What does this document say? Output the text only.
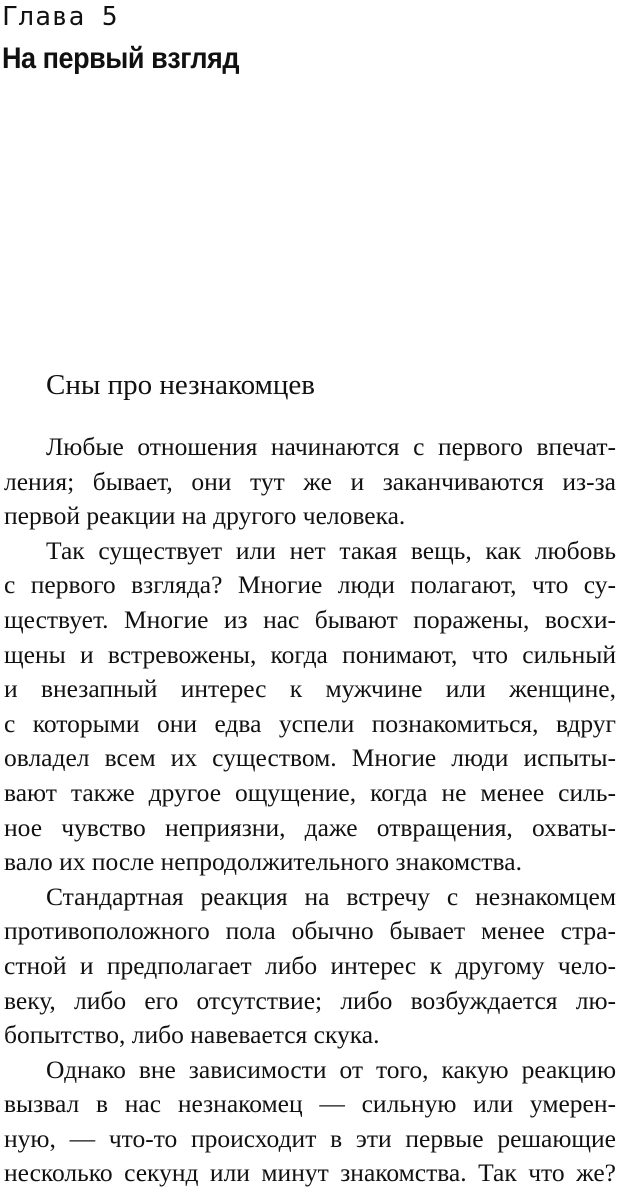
Глава 5
На первый взгляд
Сны про незнакомцев
Любые отношения начинаются с первого впечат-
ления; бывает, они тут же и заканчиваются из-за
первой реакции на другого человека.
Так существует или нет такая вещь, как любовь
с первого взгляда? Многие люди полагают, что су-
ществует. Многие из нас бывают поражены, восхи-
щены и встревожены, когда понимают, что сильный
и внезапный интерес к мужчине или женщине,
с которыми они едва успели познакомиться, вдруг
овладел всем их существом. Многие люди испыты-
вают также другое ощущение, когда не менее силь-
ное чувство неприязни, даже отвращения, охваты-
вало их после непродолжительного знакомства.
Стандартная реакция на встречу с незнакомцем
противоположного пола обычно бывает менее стра-
стной и предполагает либо интерес к другому чело-
веку, либо его отсутствие; либо возбуждается лю-
бопытство, либо навевается скука.
Однако вне зависимости от того, какую реакцию
вызвал в нас незнакомец — сильную или умерен-
ную, — что-то происходит в эти первые решающие
несколько секунд или минут знакомства. Так что же?
